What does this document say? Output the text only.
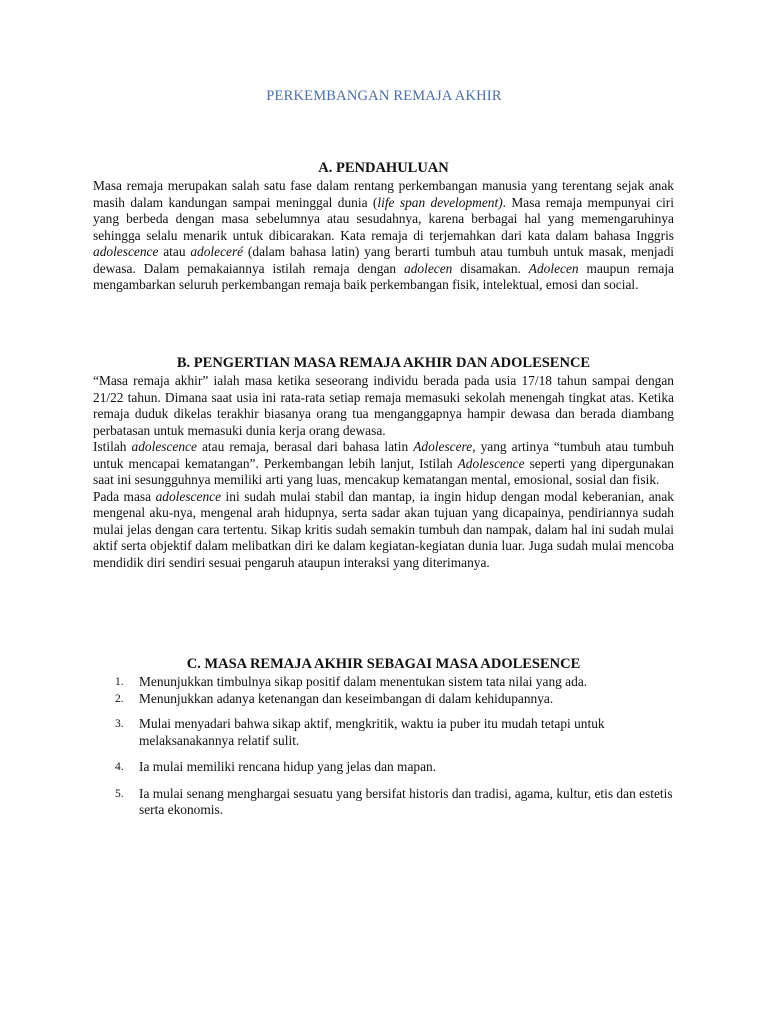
PERKEMBANGAN REMAJA AKHIR
A. PENDAHULUAN

Masa remaja merupakan salah satu fase dalam rentang perkembangan manusia yang terentang sejak anak masih dalam kandungan sampai meninggal dunia (life span development). Masa remaja mempunyai ciri yang berbeda dengan masa sebelumnya atau sesudahnya, karena berbagai hal yang memengaruhinya sehingga selalu menarik untuk dibicarakan. Kata remaja di terjemahkan dari kata dalam bahasa Inggris adolescence atau adoleceré (dalam bahasa latin) yang berarti tumbuh atau tumbuh untuk masak, menjadi dewasa. Dalam pemakaiannya istilah remaja dengan adolecen disamakan. Adolecen maupun remaja mengambarkan seluruh perkembangan remaja baik perkembangan fisik, intelektual, emosi dan social.

B. PENGERTIAN MASA REMAJA AKHIR DAN ADOLESENCE

“Masa remaja akhir” ialah masa ketika seseorang individu berada pada usia 17/18 tahun sampai dengan 21/22 tahun. Dimana saat usia ini rata-rata setiap remaja memasuki sekolah menengah tingkat atas. Ketika remaja duduk dikelas terakhir biasanya orang tua menganggapnya hampir dewasa dan berada diambang perbatasan untuk memasuki dunia kerja orang dewasa.

Istilah adolescence atau remaja, berasal dari bahasa latin Adolescere, yang artinya “tumbuh atau tumbuh untuk mencapai kematangan”. Perkembangan lebih lanjut, Istilah Adolescence seperti yang dipergunakan saat ini sesungguhnya memiliki arti yang luas, mencakup kematangan mental, emosional, sosial dan fisik.

Pada masa adolescence ini sudah mulai stabil dan mantap, ia ingin hidup dengan modal keberanian, anak mengenal aku-nya, mengenal arah hidupnya, serta sadar akan tujuan yang dicapainya, pendiriannya sudah mulai jelas dengan cara tertentu. Sikap kritis sudah semakin tumbuh dan nampak, dalam hal ini sudah mulai aktif serta objektif dalam melibatkan diri ke dalam kegiatan-kegiatan dunia luar. Juga sudah mulai mencoba mendidik diri sendiri sesuai pengaruh ataupun interaksi yang diterimanya.

C. MASA REMAJA AKHIR SEBAGAI MASA ADOLESENCE
1. Menunjukkan timbulnya sikap positif dalam menentukan sistem tata nilai yang ada.
2. Menunjukkan adanya ketenangan dan keseimbangan di dalam kehidupannya.
3. Mulai menyadari bahwa sikap aktif, mengkritik, waktu ia puber itu mudah tetapi untuk melaksanakannya relatif sulit.
4. Ia mulai memiliki rencana hidup yang jelas dan mapan.
5. Ia mulai senang menghargai sesuatu yang bersifat historis dan tradisi, agama, kultur, etis dan estetis serta ekonomis.
